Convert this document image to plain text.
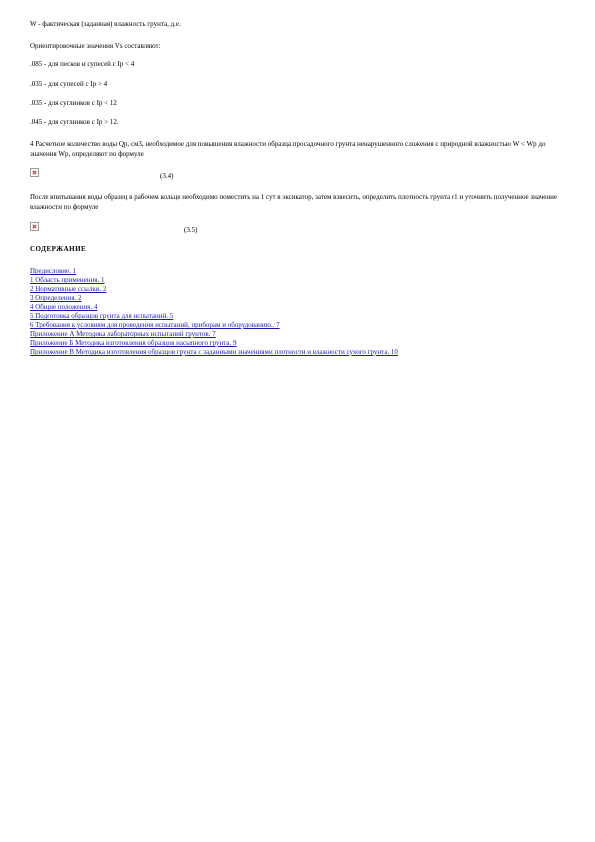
W - фактическая (заданная) влажность грунта, д.е.

Ориентировочные значения Vs составляют:

.085 - для песков и супесей с Ip < 4

.035 - для супесей с Ip > 4

.035 - для суглинков с Ip < 12

.045 - для суглинков с Ip > 12.

4 Расчетное количество воды Qp, см3, необходимое для повышения влажности образца просадочного грунта ненарушенного сложения с природной влажностью W < Wp до значения Wp, определяют по формуле

(3.4)

После впитывания воды образец в рабочем кольце необходимо поместить на 1 сут в эксикатор, затем взвесить, определить плотность грунта r1 и уточнить полученное значение влажности по формуле

(3.5)

СОДЕРЖАНИЕ

Предисловие. 1
1 Область применения. 1
2 Нормативные ссылки. 2
3 Определения. 2
4 Общие положения. 4
5 Подготовка образцов грунта для испытаний. 5
6 Требования к условиям для проведения испытаний, приборам и оборудованию.. 7
Приложение А Методика лабораторных испытаний грунтов. 7
Приложение Б Методика изготовления образцов насыпного грунта. 9
Приложение В Методика изготовления образцов грунта с заданными значениями плотности и влажности сухого грунта. 10
